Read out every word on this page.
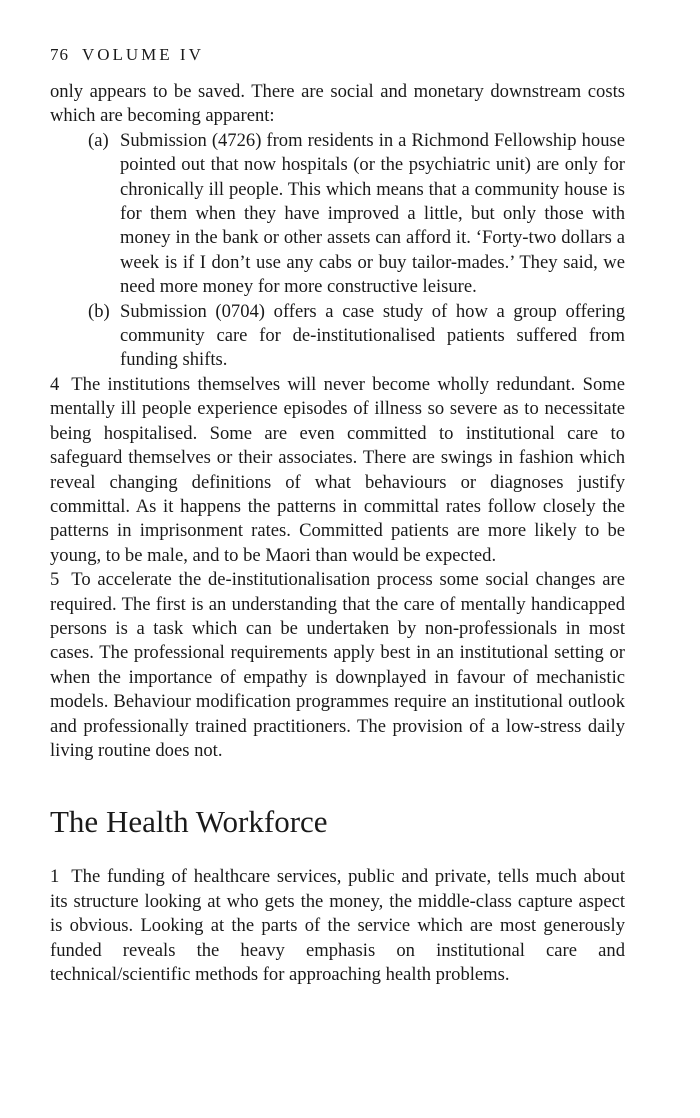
76 VOLUME IV

only appears to be saved. There are social and monetary downstream costs which are becoming apparent:

(a) Submission (4726) from residents in a Richmond Fellowship house pointed out that now hospitals (or the psychiatric unit) are only for chronically ill people. This which means that a community house is for them when they have improved a little, but only those with money in the bank or other assets can afford it. ‘Forty-two dollars a week is if I don’t use any cabs or buy tailor-mades.’ They said, we need more money for more constructive leisure.
(b) Submission (0704) offers a case study of how a group offering community care for de-institutionalised patients suffered from funding shifts.

4 The institutions themselves will never become wholly redundant. Some mentally ill people experience episodes of illness so severe as to necessitate being hospitalised. Some are even committed to institutional care to safeguard themselves or their associates. There are swings in fashion which reveal changing definitions of what behaviours or diagnoses justify committal. As it happens the patterns in committal rates follow closely the patterns in imprisonment rates. Committed patients are more likely to be young, to be male, and to be Maori than would be expected.

5 To accelerate the de-institutionalisation process some social changes are required. The first is an understanding that the care of mentally handicapped persons is a task which can be undertaken by non-professionals in most cases. The professional requirements apply best in an institutional setting or when the importance of empathy is downplayed in favour of mechanistic models. Behaviour modification programmes require an institutional outlook and professionally trained practitioners. The provision of a low-stress daily living routine does not.

The Health Workforce

1 The funding of healthcare services, public and private, tells much about its structure looking at who gets the money, the middle-class capture aspect is obvious. Looking at the parts of the service which are most generously funded reveals the heavy emphasis on institutional care and technical/scientific methods for approaching health problems.
